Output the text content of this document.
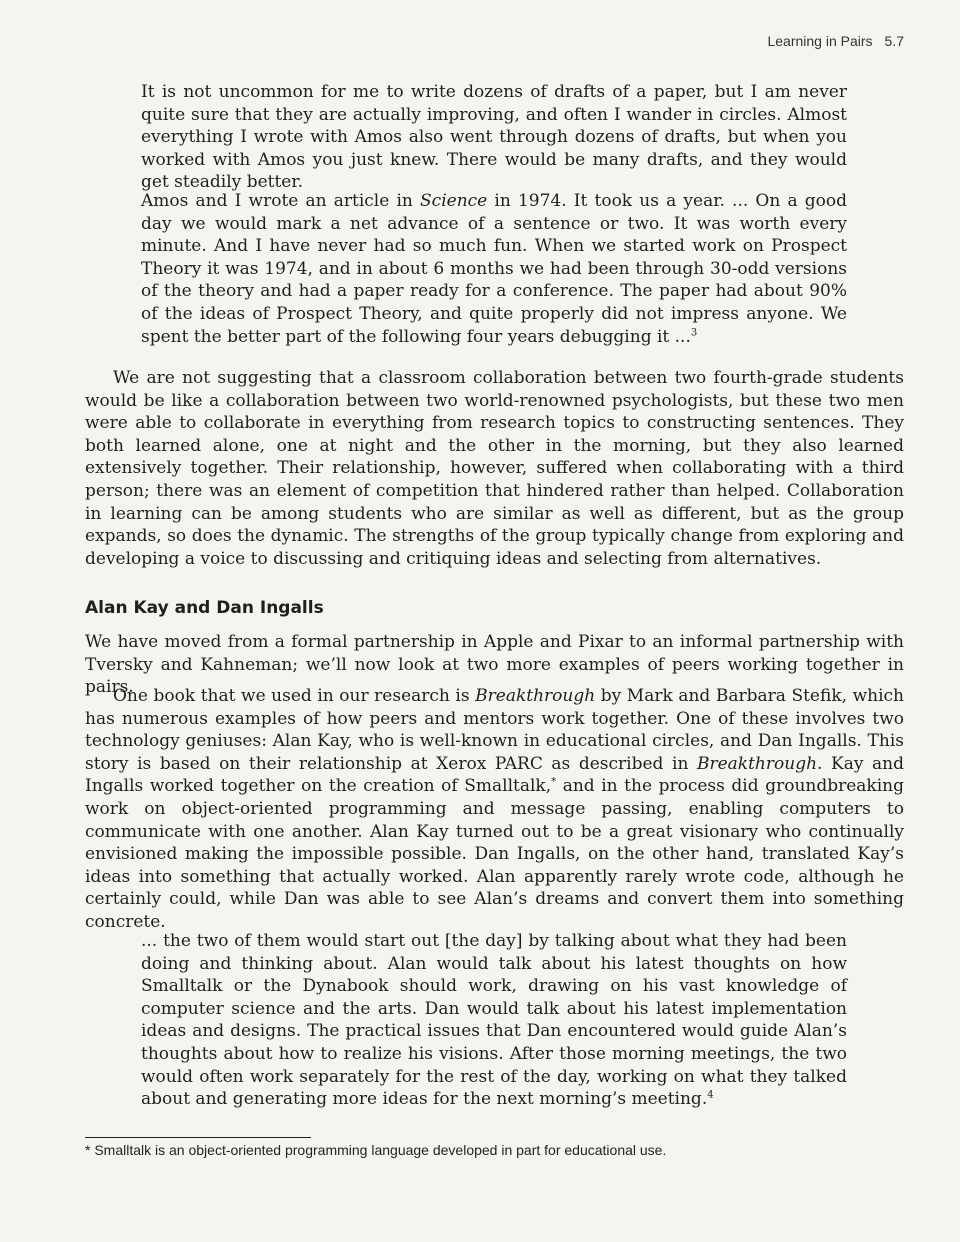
Learning in Pairs 5.7

It is not uncommon for me to write dozens of drafts of a paper, but I am never quite sure that they are actually improving, and often I wander in circles. Almost everything I wrote with Amos also went through dozens of drafts, but when you worked with Amos you just knew. There would be many drafts, and they would get steadily better.

Amos and I wrote an article in Science in 1974. It took us a year. ... On a good day we would mark a net advance of a sentence or two. It was worth every minute. And I have never had so much fun. When we started work on Prospect Theory it was 1974, and in about 6 months we had been through 30-odd versions of the theory and had a paper ready for a conference. The paper had about 90% of the ideas of Prospect Theory, and quite properly did not impress anyone. We spent the better part of the following four years debugging it ...$^3$

We are not suggesting that a classroom collaboration between two fourth-grade students would be like a collaboration between two world-renowned psychologists, but these two men were able to collaborate in everything from research topics to constructing sentences. They both learned alone, one at night and the other in the morning, but they also learned extensively together. Their relationship, however, suffered when collaborating with a third person; there was an element of competition that hindered rather than helped. Collaboration in learning can be among students who are similar as well as different, but as the group expands, so does the dynamic. The strengths of the group typically change from exploring and developing a voice to discussing and critiquing ideas and selecting from alternatives.

Alan Kay and Dan Ingalls

We have moved from a formal partnership in Apple and Pixar to an informal partnership with Tversky and Kahneman; we’ll now look at two more examples of peers working together in pairs.

One book that we used in our research is Breakthrough by Mark and Barbara Stefik, which has numerous examples of how peers and mentors work together. One of these involves two technology geniuses: Alan Kay, who is well-known in educational circles, and Dan Ingalls. This story is based on their relationship at Xerox PARC as described in Breakthrough. Kay and Ingalls worked together on the creation of Smalltalk,* and in the process did groundbreaking work on object-oriented programming and message passing, enabling computers to communicate with one another. Alan Kay turned out to be a great visionary who continually envisioned making the impossible possible. Dan Ingalls, on the other hand, translated Kay’s ideas into something that actually worked. Alan apparently rarely wrote code, although he certainly could, while Dan was able to see Alan’s dreams and convert them into something concrete.

... the two of them would start out [the day] by talking about what they had been doing and thinking about. Alan would talk about his latest thoughts on how Smalltalk or the Dynabook should work, drawing on his vast knowledge of computer science and the arts. Dan would talk about his latest implementation ideas and designs. The practical issues that Dan encountered would guide Alan’s thoughts about how to realize his visions. After those morning meetings, the two would often work separately for the rest of the day, working on what they talked about and generating more ideas for the next morning’s meeting.$^4$

* Smalltalk is an object-oriented programming language developed in part for educational use.
